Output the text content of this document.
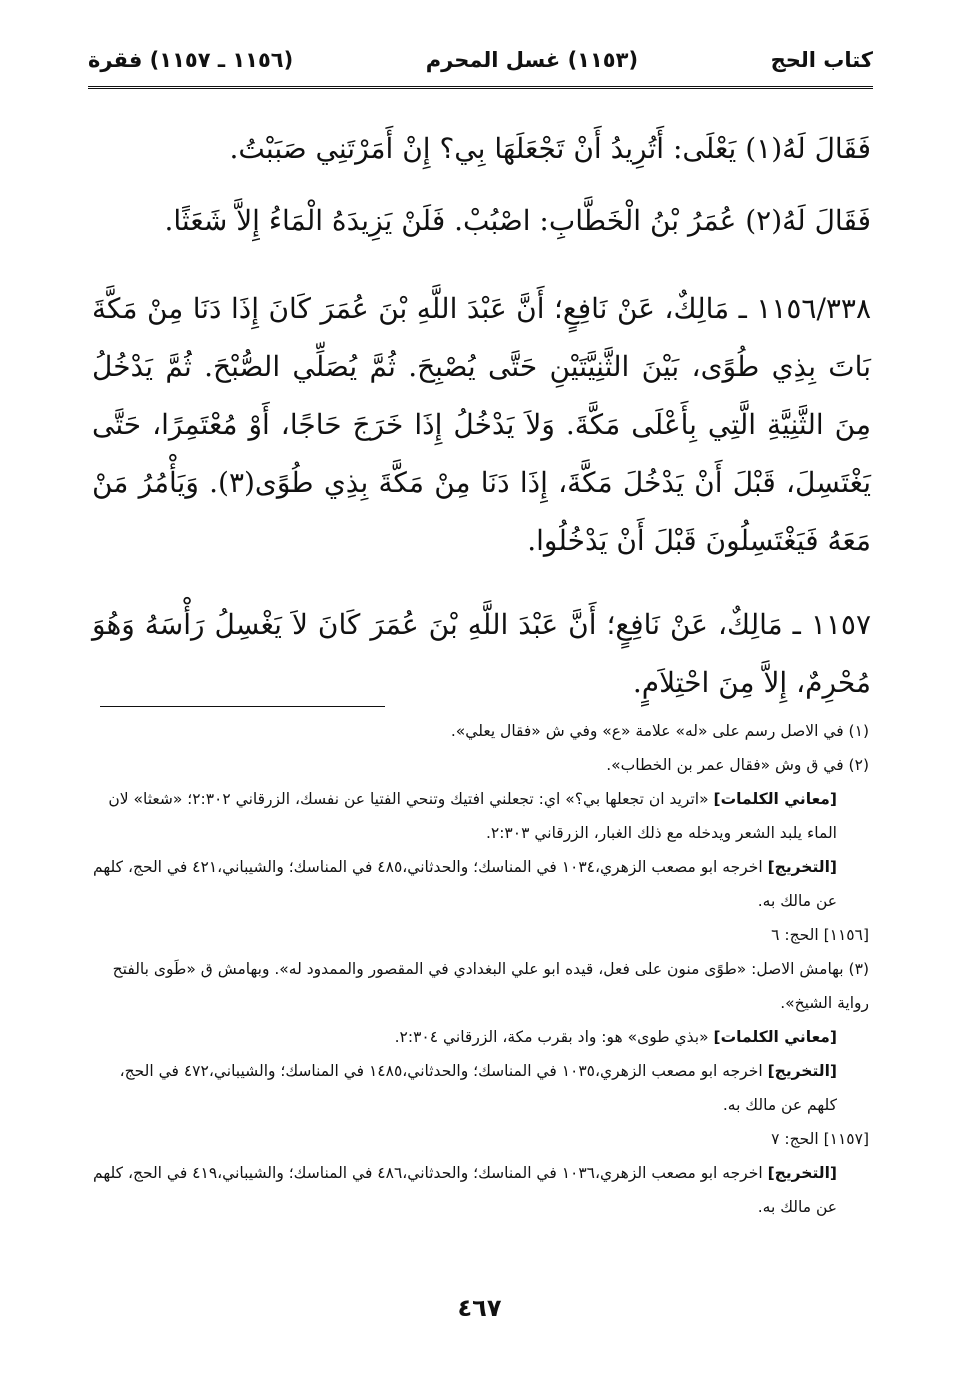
كتاب الحج
(١١٥٣) غسل المحرم
(١١٥٦ ـ ١١٥٧) فقرة

فَقَالَ لَهُ(١) يَعْلَى: أَتُرِيدُ أَنْ تَجْعَلَهَا بِي؟ إِنْ أَمَرْتَنِي صَبَبْتُ.

فَقَالَ لَهُ(٢) عُمَرُ بْنُ الْخَطَّابِ: اصْبُبْ. فَلَنْ يَزِيدَهُ الْمَاءُ إِلاَّ شَعَثًا.

١١٥٦/٣٣٨ ـ مَالِكٌ، عَنْ نَافِعٍ؛ أَنَّ عَبْدَ اللَّهِ بْنَ عُمَرَ كَانَ إِذَا دَنَا مِنْ مَكَّةَ بَاتَ بِذِي طُوًى، بَيْنَ الثَّنِيَّتَيْنِ حَتَّى يُصْبِحَ. ثُمَّ يُصَلِّي الصُّبْحَ. ثُمَّ يَدْخُلُ مِنَ الثَّنِيَّةِ الَّتِي بِأَعْلَى مَكَّةَ. وَلاَ يَدْخُلُ إِذَا خَرَجَ حَاجًا، أَوْ مُعْتَمِرًا، حَتَّى يَغْتَسِلَ، قَبْلَ أَنْ يَدْخُلَ مَكَّةَ، إِذَا دَنَا مِنْ مَكَّةَ بِذِي طُوًى(٣). وَيَأْمُرُ مَنْ مَعَهُ فَيَغْتَسِلُونَ قَبْلَ أَنْ يَدْخُلُوا.

١١٥٧ ـ مَالِكٌ، عَنْ نَافِعٍ؛ أَنَّ عَبْدَ اللَّهِ بْنَ عُمَرَ كَانَ لاَ يَغْسِلُ رَأْسَهُ وَهُوَ مُحْرِمٌ، إِلاَّ مِنَ احْتِلاَمٍ.

(١) في الاصل رسم على «له» علامة «ع» وفي ش «فقال يعلي».

(٢) في ق وش «فقال عمر بن الخطاب».

[معاني الكلمات] «اتريد ان تجعلها بي؟» اي: تجعلني افتيك وتنحي الفتيا عن نفسك، الزرقاني ٢:٣٠٢؛ «شعثا» لان الماء يلبد الشعر ويدخله مع ذلك الغبار، الزرقاني ٢:٣٠٣.

[التخريج] اخرجه ابو مصعب الزهري،١٠٣٤ في المناسك؛ والحدثاني،٤٨٥ في المناسك؛ والشيباني،٤٢١ في الحج، كلهم عن مالك به.

[١١٥٦] الحج: ٦

(٣) بهامش الاصل: «طوًى منون على فعل، قيده ابو علي البغدادي في المقصور والممدود له». وبهامش ق «طَوى بالفتح رواية الشيخ».

[معاني الكلمات] «بذي طوى» هو: واد بقرب مكة، الزرقاني ٢:٣٠٤.

[التخريج] اخرجه ابو مصعب الزهري،١٠٣٥ في المناسك؛ والحدثاني،١٤٨٥ في المناسك؛ والشيباني،٤٧٢ في الحج، كلهم عن مالك به.

[١١٥٧] الحج: ٧

[التخريج] اخرجه ابو مصعب الزهري،١٠٣٦ في المناسك؛ والحدثاني،٤٨٦ في المناسك؛ والشيباني،٤١٩ في الحج، كلهم عن مالك به.

٤٦٧
